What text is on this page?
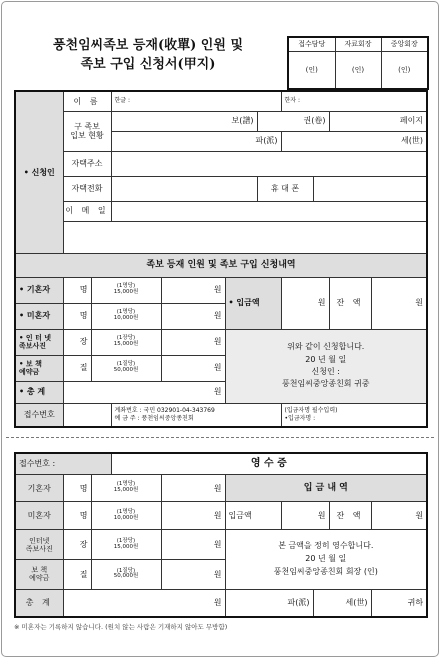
풍천임씨족보 등재(收單) 인원 및
족보 구입 신청서(甲지)
접수담당	자료회장	중앙회장
(인)	(인)	(인)
• 신청인	이 름		한글 :				한자 :			

	구 족보
입보 현황		보(譜)			권(卷)			페이지	
			파(派)				세(世)			
	자택주소									
	자택전화					휴 대 폰				
	이 메 일									

족보 등재 인원 및 족보 구입 신청내역										
• 기혼자	명	(1명당)
15,000원		원	• 입금액		원		잔 액	원
• 미혼자	명	(1명당)
10,000원		원						

• 인 터 넷
족보사진	장	(1장당)
15,000원		원	위와 같이 신청합니다.
20 년 월 일
신청인 :
풍천임씨중앙종친회 귀중					

• 보 책
예약금	질	(1질당)
50,000원		원						
• 총 계	원									
접수번호			계좌번호 : 국민 032901-04-343769
예 금 주 : 풍천임씨중앙종친회				(입금자명 필수입력)
•입금자명 :			
접수번호 :			영 수 증						
기혼자	명	(1명당)
15,000원		원	입 금 내 역				
미혼자	명	(1명당)
10,000원		원	입금액	원		잔 액	원

인터넷
족보사진	장	(1장당)
15,000원		원	본 금액을 정히 영수합니다.
20 년 월 일
풍천임씨중앙종친회 회장 (인)				

보 책
예약금	질	(1질당)
50,000원		원					
총 계	원				파(派)		세(世)		귀하
※ 미혼자는 기록하지 않습니다. (원치 않는 사람은 기재하지 않아도 무방함)
